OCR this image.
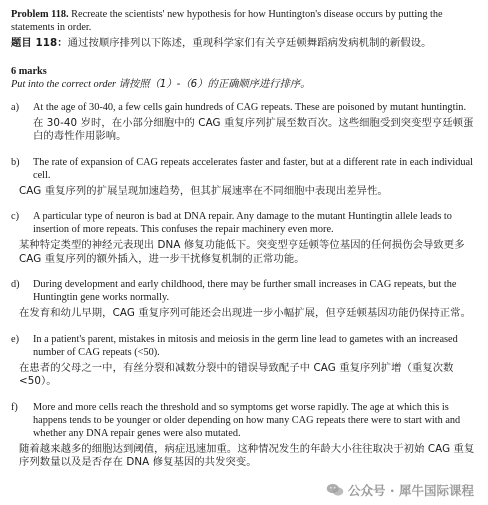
Problem 118. Recreate the scientists' new hypothesis for how Huntington's disease occurs by putting the statements in order.
题目 118：通过按顺序排列以下陈述，重现科学家们有关亨廷顿舞蹈病发病机制的新假设。
6 marks
Put into the correct order 请按照（1）-（6）的正确顺序进行排序。
a)	At the age of 30-40, a few cells gain hundreds of CAG repeats. These are poisoned by mutant huntingtin.
在 30-40 岁时，在小部分细胞中的 CAG 重复序列扩展至数百次。这些细胞受到突变型亨廷顿蛋白的毒性作用影响。
b)	The rate of expansion of CAG repeats accelerates faster and faster, but at a different rate in each individual cell.
CAG 重复序列的扩展呈现加速趋势，但其扩展速率在不同细胞中表现出差异性。
c)	A particular type of neuron is bad at DNA repair. Any damage to the mutant Huntingtin allele leads to insertion of more repeats. This confuses the repair machinery even more.
某种特定类型的神经元表现出 DNA 修复功能低下。突变型亨廷顿等位基因的任何损伤会导致更多 CAG 重复序列的额外插入，进一步干扰修复机制的正常功能。
d)	During development and early childhood, there may be further small increases in CAG repeats, but the Huntingtin gene works normally.
在发育和幼儿早期，CAG 重复序列可能还会出现进一步小幅扩展，但亨廷顿基因功能仍保持正常。
e)	In a patient's parent, mistakes in mitosis and meiosis in the germ line lead to gametes with an increased number of CAG repeats (<50).
在患者的父母之一中，有丝分裂和减数分裂中的错误导致配子中 CAG 重复序列扩增（重复次数<50）。
f)	More and more cells reach the threshold and so symptoms get worse rapidly. The age at which this is happens tends to be younger or older depending on how many CAG repeats there were to start with and whether any DNA repair genes were also mutated.
随着越来越多的细胞达到阈值，病症迅速加重。这种情况发生的年龄大小往往取决于初始 CAG 重复序列数量以及是否存在 DNA 修复基因的共发突变。
公众号 · 犀牛国际课程
